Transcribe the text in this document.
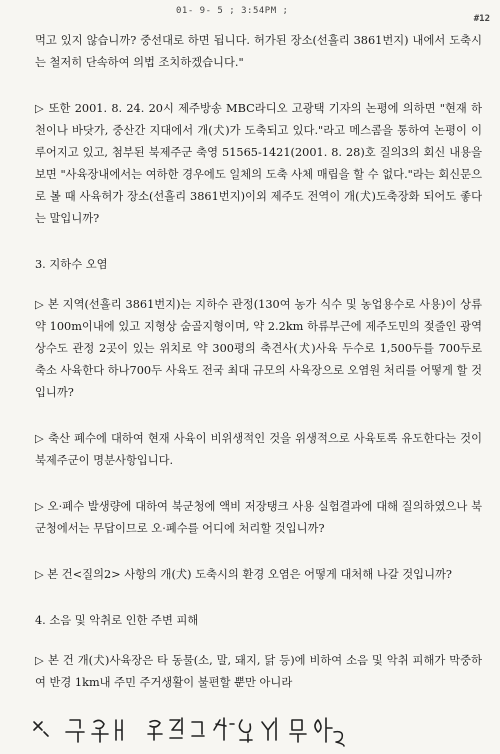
01- 9- 5 ; 3:54PM ;
#12

먹고 있지 않습니까? 중선대로 하면 됩니다. 허가된 장소(선흘리 3861번지) 내에서 도축시는 철저히 단속하여 의법 조치하겠습니다."

▷ 또한 2001. 8. 24. 20시 제주방송 MBC라디오 고광택 기자의 논평에 의하면 "현재 하천이나 바닷가, 중산간 지대에서 개(犬)가 도축되고 있다."라고 메스콤을 통하여 논평이 이루어지고 있고, 첨부된 북제주군 축영 51565-1421(2001. 8. 28)호 질의3의 회신 내용을 보면 "사육장내에서는 여하한 경우에도 일체의 도축 사체 매립을 할 수 없다."라는 회신문으로 볼 때 사육허가 장소(선흘리 3861번지)이외 제주도 전역이 개(犬)도축장화 되어도 좋다는 말입니까?

3. 지하수 오염

▷ 본 지역(선흘리 3861번지)는 지하수 관정(130여 농가 식수 및 농업용수로 사용)이 상류 약 100m이내에 있고 지형상 숨골지형이며, 약 2.2km 하류부근에 제주도민의 젖줄인 광역상수도 관정 2곳이 있는 위치로 약 300평의 축견사(犬)사육 두수로 1,500두를 700두로 축소 사육한다 하나700두 사육도 전국 최대 규모의 사육장으로 오염원 처리를 어떻게 할 것입니까?

▷ 축산 폐수에 대하여 현재 사육이 비위생적인 것을 위생적으로 사육토록 유도한다는 것이 북제주군이 명분사항입니다.

▷ 오·폐수 발생량에 대하여 북군청에 액비 저장탱크 사용 실험결과에 대해 질의하였으나 북군청에서는 무답이므로 오·폐수를 어디에 처리할 것입니까?

▷ 본 건<질의2> 사항의 개(犬) 도축시의 환경 오염은 어떻게 대처해 나갈 것입니까?

4. 소음 및 악취로 인한 주변 피해

▷ 본 건 개(犬)사육장은 타 동물(소, 말, 돼지, 닭 등)에 비하여 소음 및 악취 피해가 막중하여 반경 1km내 주민 주거생활이 불편할 뿐만 아니라
